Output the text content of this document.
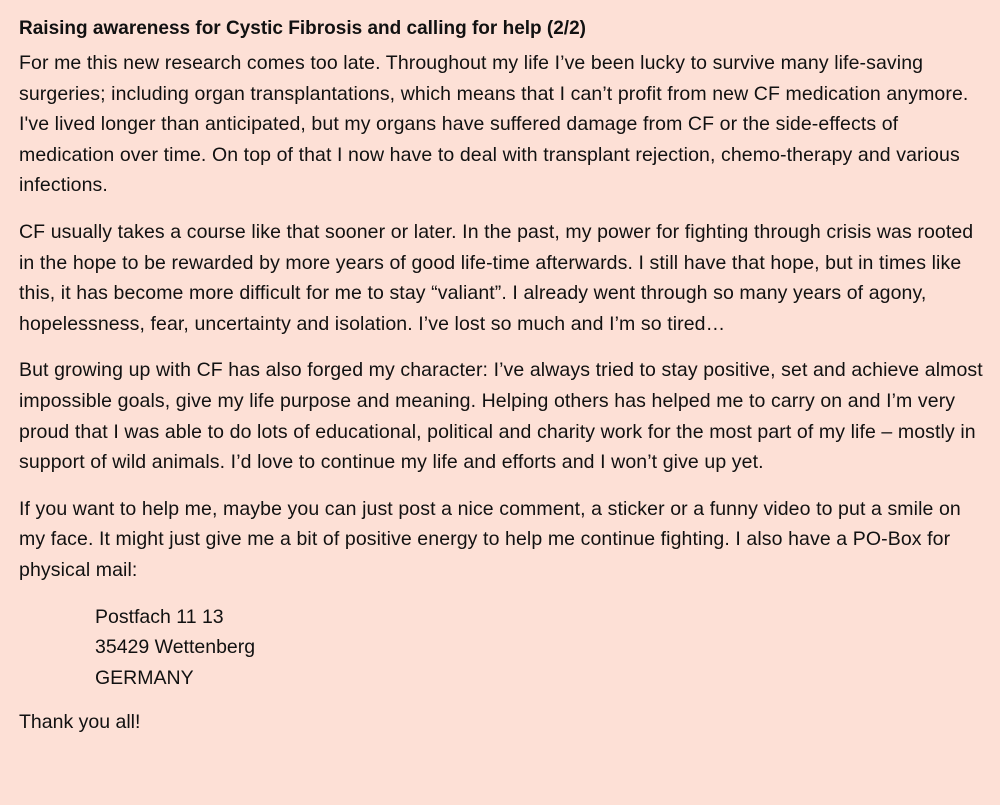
Raising awareness for Cystic Fibrosis and calling for help (2/2)

For me this new research comes too late. Throughout my life I’ve been lucky to survive many life-saving surgeries; including organ transplantations, which means that I can’t profit from new CF medication anymore. I've lived longer than anticipated, but my organs have suffered damage from CF or the side-effects of medication over time. On top of that I now have to deal with transplant rejection, chemo-therapy and various infections.

CF usually takes a course like that sooner or later. In the past, my power for fighting through crisis was rooted in the hope to be rewarded by more years of good life-time afterwards. I still have that hope, but in times like this, it has become more difficult for me to stay “valiant”. I already went through so many years of agony, hopelessness, fear, uncertainty and isolation. I’ve lost so much and I’m so tired…

But growing up with CF has also forged my character: I’ve always tried to stay positive, set and achieve almost impossible goals, give my life purpose and meaning. Helping others has helped me to carry on and I’m very proud that I was able to do lots of educational, political and charity work for the most part of my life – mostly in support of wild animals. I’d love to continue my life and efforts and I won’t give up yet.

If you want to help me, maybe you can just post a nice comment, a sticker or a funny video to put a smile on my face. It might just give me a bit of positive energy to help me continue fighting. I also have a PO-Box for physical mail:

Postfach 11 13
35429 Wettenberg
GERMANY

Thank you all!
